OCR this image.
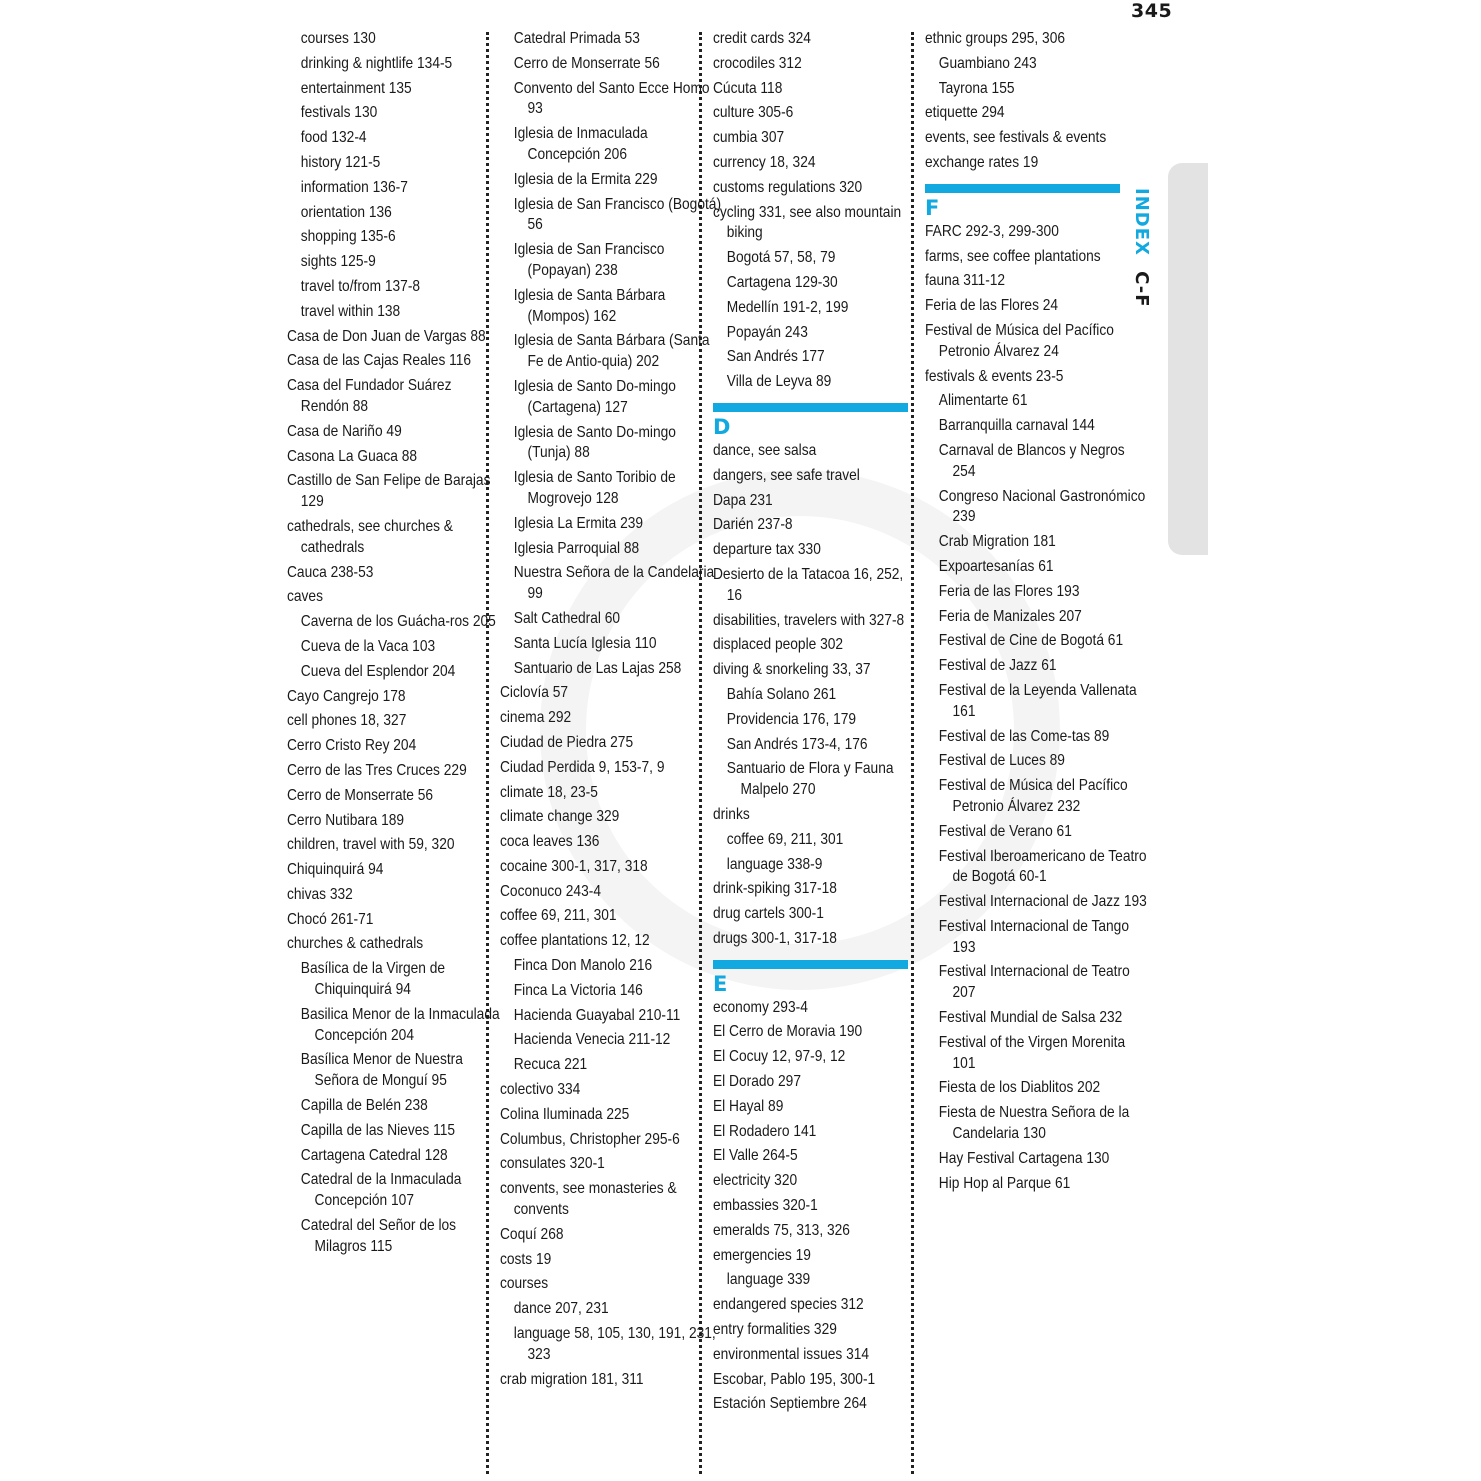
345
INDEX C-F
courses 130
drinking & nightlife 134-5
entertainment 135
festivals 130
food 132-4
history 121-5
information 136-7
orientation 136
shopping 135-6
sights 125-9
travel to/from 137-8
travel within 138
Casa de Don Juan de Vargas 88
Casa de las Cajas Reales 116
Casa del Fundador Suárez Rendón 88
Casa de Nariño 49
Casona La Guaca 88
Castillo de San Felipe de Barajas 129
cathedrals, see churches & cathedrals
Cauca 238-53
caves
Caverna de los Guácha-ros 205
Cueva de la Vaca 103
Cueva del Esplendor 204
Cayo Cangrejo 178
cell phones 18, 327
Cerro Cristo Rey 204
Cerro de las Tres Cruces 229
Cerro de Monserrate 56
Cerro Nutibara 189
children, travel with 59, 320
Chiquinquirá 94
chivas 332
Chocó 261-71
churches & cathedrals
Basílica de la Virgen de Chiquinquirá 94
Basilica Menor de la Inmaculada Concepción 204
Basílica Menor de Nuestra Señora de Monguí 95
Capilla de Belén 238
Capilla de las Nieves 115
Cartagena Catedral 128
Catedral de la Inmaculada Concepción 107
Catedral del Señor de los Milagros 115
Catedral Primada 53
Cerro de Monserrate 56
Convento del Santo Ecce Homo 93
Iglesia de Inmaculada Concepción 206
Iglesia de la Ermita 229
Iglesia de San Francisco (Bogotá) 56
Iglesia de San Francisco (Popayan) 238
Iglesia de Santa Bárbara (Mompos) 162
Iglesia de Santa Bárbara (Santa Fe de Antio-quia) 202
Iglesia de Santo Do-mingo (Cartagena) 127
Iglesia de Santo Do-mingo (Tunja) 88
Iglesia de Santo Toribio de Mogrovejo 128
Iglesia La Ermita 239
Iglesia Parroquial 88
Nuestra Señora de la Candelaria 99
Salt Cathedral 60
Santa Lucía Iglesia 110
Santuario de Las Lajas 258
Ciclovía 57
cinema 292
Ciudad de Piedra 275
Ciudad Perdida 9, 153-7, 9
climate 18, 23-5
climate change 329
coca leaves 136
cocaine 300-1, 317, 318
Coconuco 243-4
coffee 69, 211, 301
coffee plantations 12, 12
Finca Don Manolo 216
Finca La Victoria 146
Hacienda Guayabal 210-11
Hacienda Venecia 211-12
Recuca 221
colectivo 334
Colina Iluminada 225
Columbus, Christopher 295-6
consulates 320-1
convents, see monasteries & convents
Coquí 268
costs 19
courses
dance 207, 231
language 58, 105, 130, 191, 231, 323
crab migration 181, 311
credit cards 324
crocodiles 312
Cúcuta 118
culture 305-6
cumbia 307
currency 18, 324
customs regulations 320
cycling 331, see also mountain biking
Bogotá 57, 58, 79
Cartagena 129-30
Medellín 191-2, 199
Popayán 243
San Andrés 177
Villa de Leyva 89
D
dance, see salsa
dangers, see safe travel
Dapa 231
Darién 237-8
departure tax 330
Desierto de la Tatacoa 16, 252, 16
disabilities, travelers with 327-8
displaced people 302
diving & snorkeling 33, 37
Bahía Solano 261
Providencia 176, 179
San Andrés 173-4, 176
Santuario de Flora y Fauna Malpelo 270
drinks
coffee 69, 211, 301
language 338-9
drink-spiking 317-18
drug cartels 300-1
drugs 300-1, 317-18
E
economy 293-4
El Cerro de Moravia 190
El Cocuy 12, 97-9, 12
El Dorado 297
El Hayal 89
El Rodadero 141
El Valle 264-5
electricity 320
embassies 320-1
emeralds 75, 313, 326
emergencies 19
language 339
endangered species 312
entry formalities 329
environmental issues 314
Escobar, Pablo 195, 300-1
Estación Septiembre 264
ethnic groups 295, 306
Guambiano 243
Tayrona 155
etiquette 294
events, see festivals & events
exchange rates 19
F
FARC 292-3, 299-300
farms, see coffee plantations
fauna 311-12
Feria de las Flores 24
Festival de Música del Pacífico Petronio Álvarez 24
festivals & events 23-5
Alimentarte 61
Barranquilla carnaval 144
Carnaval de Blancos y Negros 254
Congreso Nacional Gastronómico 239
Crab Migration 181
Expoartesanías 61
Feria de las Flores 193
Feria de Manizales 207
Festival de Cine de Bogotá 61
Festival de Jazz 61
Festival de la Leyenda Vallenata 161
Festival de las Come-tas 89
Festival de Luces 89
Festival de Música del Pacífico Petronio Álvarez 232
Festival de Verano 61
Festival Iberoamericano de Teatro de Bogotá 60-1
Festival Internacional de Jazz 193
Festival Internacional de Tango 193
Festival Internacional de Teatro 207
Festival Mundial de Salsa 232
Festival of the Virgen Morenita 101
Fiesta de los Diablitos 202
Fiesta de Nuestra Señora de la Candelaria 130
Hay Festival Cartagena 130
Hip Hop al Parque 61
